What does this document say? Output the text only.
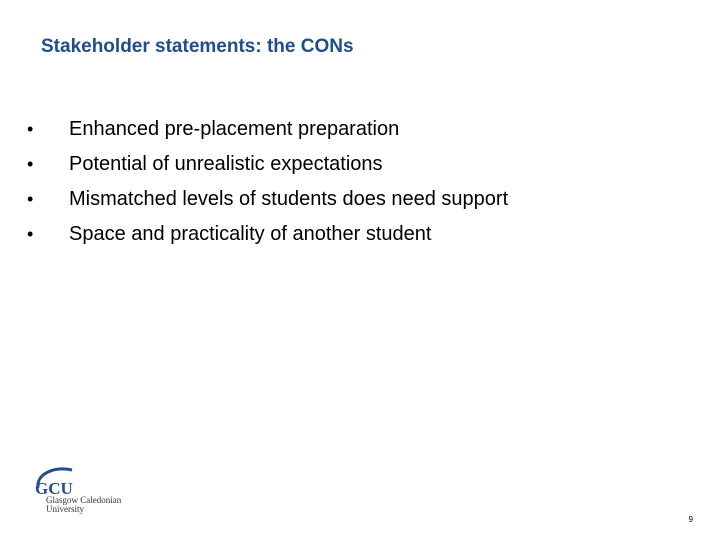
Stakeholder statements: the CONs
•	Enhanced pre-placement preparation
•	Potential of unrealistic expectations
•	Mismatched levels of students does need support
•	Space and practicality of another student
GCU
Glasgow Caledonian
University
9
